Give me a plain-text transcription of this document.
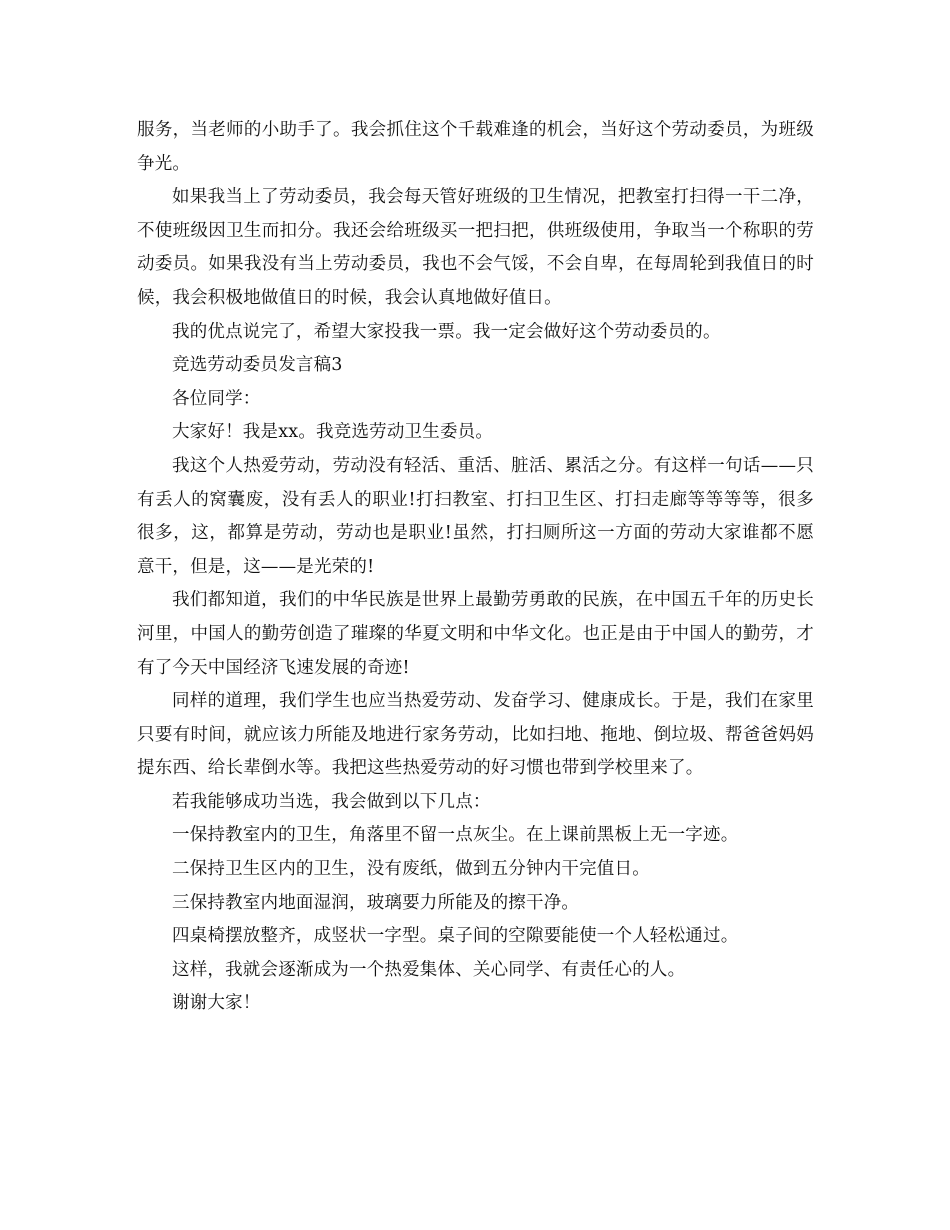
服务，当老师的小助手了。我会抓住这个千载难逢的机会，当好这个劳动委员，为班级争光。

如果我当上了劳动委员，我会每天管好班级的卫生情况，把教室打扫得一干二净，不使班级因卫生而扣分。我还会给班级买一把扫把，供班级使用，争取当一个称职的劳动委员。如果我没有当上劳动委员，我也不会气馁，不会自卑，在每周轮到我值日的时候，我会积极地做值日的时候，我会认真地做好值日。

我的优点说完了，希望大家投我一票。我一定会做好这个劳动委员的。

竞选劳动委员发言稿3

各位同学：

大家好！我是xx。我竞选劳动卫生委员。

我这个人热爱劳动，劳动没有轻活、重活、脏活、累活之分。有这样一句话——只有丢人的窝囊废，没有丢人的职业!打扫教室、打扫卫生区、打扫走廊等等等等，很多很多，这，都算是劳动，劳动也是职业!虽然，打扫厕所这一方面的劳动大家谁都不愿意干，但是，这——是光荣的!

我们都知道，我们的中华民族是世界上最勤劳勇敢的民族，在中国五千年的历史长河里，中国人的勤劳创造了璀璨的华夏文明和中华文化。也正是由于中国人的勤劳，才有了今天中国经济飞速发展的奇迹!

同样的道理，我们学生也应当热爱劳动、发奋学习、健康成长。于是，我们在家里只要有时间，就应该力所能及地进行家务劳动，比如扫地、拖地、倒垃圾、帮爸爸妈妈提东西、给长辈倒水等。我把这些热爱劳动的好习惯也带到学校里来了。

若我能够成功当选，我会做到以下几点：

一保持教室内的卫生，角落里不留一点灰尘。在上课前黑板上无一字迹。

二保持卫生区内的卫生，没有废纸，做到五分钟内干完值日。

三保持教室内地面湿润，玻璃要力所能及的擦干净。

四桌椅摆放整齐，成竖状一字型。桌子间的空隙要能使一个人轻松通过。

这样，我就会逐渐成为一个热爱集体、关心同学、有责任心的人。

谢谢大家！
